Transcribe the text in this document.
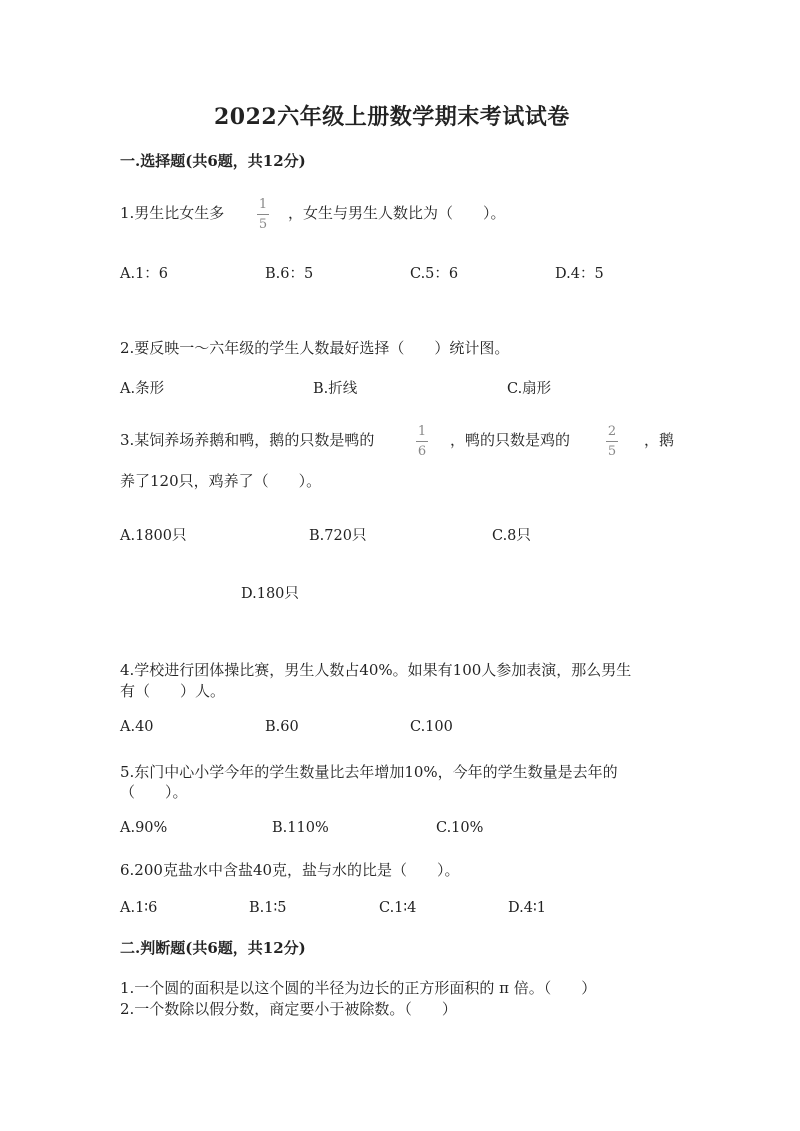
2022六年级上册数学期末考试试卷
一.选择题(共6题，共12分)
1.男生比女生多	1
5
，女生与男生人数比为（　　）。
A.1：6	B.6：5	C.5：6	D.4：5
2.要反映一～六年级的学生人数最好选择（　　）统计图。
A.条形	B.折线	C.扇形
3.某饲养场养鹅和鸭，鹅的只数是鸭的	1
6
，鸭的只数是鸡的	2
5
，鹅
养了120只，鸡养了（　　）。
A.1800只	B.720只	C.8只
D.180只
4.学校进行团体操比赛，男生人数占40%。如果有100人参加表演，那么男生
有（　　）人。
A.40	B.60	C.100
5.东门中心小学今年的学生数量比去年增加10%，今年的学生数量是去年的
（　　）。
A.90%	B.110%	C.10%
6.200克盐水中含盐40克，盐与水的比是（　　）。
A.1∶6	B.1∶5	C.1∶4	D.4∶1
二.判断题(共6题，共12分)
1.一个圆的面积是以这个圆的半径为边长的正方形面积的 π 倍。（　　）
2.一个数除以假分数，商定要小于被除数。（　　）
